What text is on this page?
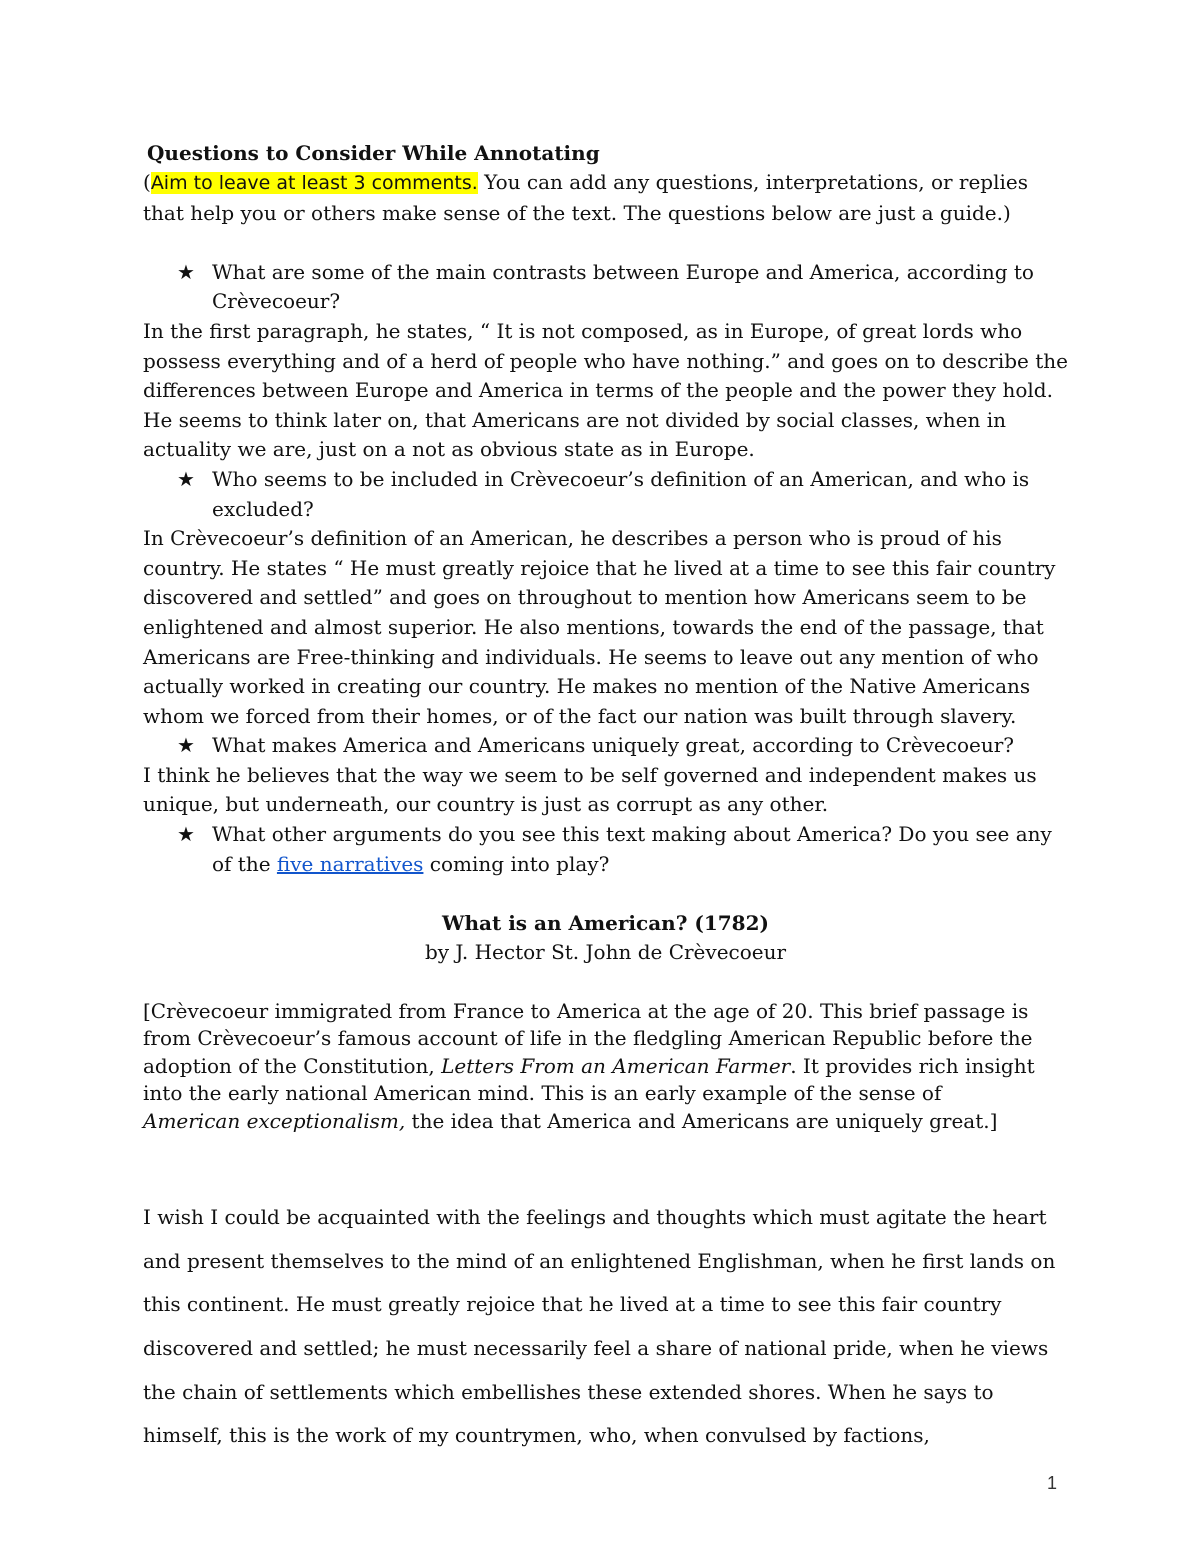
Questions to Consider While Annotating

(Aim to leave at least 3 comments. You can add any questions, interpretations, or replies that help you or others make sense of the text. The questions below are just a guide.)

★ What are some of the main contrasts between Europe and America, according to Crèvecoeur?

In the first paragraph, he states, “ It is not composed, as in Europe, of great lords who possess everything and of a herd of people who have nothing.” and goes on to describe the differences between Europe and America in terms of the people and the power they hold. He seems to think later on, that Americans are not divided by social classes, when in actuality we are, just on a not as obvious state as in Europe.

★ Who seems to be included in Crèvecoeur’s definition of an American, and who is excluded?

In Crèvecoeur’s definition of an American, he describes a person who is proud of his country. He states “ He must greatly rejoice that he lived at a time to see this fair country discovered and settled” and goes on throughout to mention how Americans seem to be enlightened and almost superior. He also mentions, towards the end of the passage, that Americans are Free-thinking and individuals. He seems to leave out any mention of who actually worked in creating our country. He makes no mention of the Native Americans whom we forced from their homes, or of the fact our nation was built through slavery.

★ What makes America and Americans uniquely great, according to Crèvecoeur?

I think he believes that the way we seem to be self governed and independent makes us unique, but underneath, our country is just as corrupt as any other.

★ What other arguments do you see this text making about America? Do you see any of the five narratives coming into play?
What is an American? (1782)
by J. Hector St. John de Crèvecoeur
[Crèvecoeur immigrated from France to America at the age of 20. This brief passage is from Crèvecoeur’s famous account of life in the fledgling American Republic before the adoption of the Constitution, Letters From an American Farmer. It provides rich insight into the early national American mind. This is an early example of the sense of American exceptionalism, the idea that America and Americans are uniquely great.]

I wish I could be acquainted with the feelings and thoughts which must agitate the heart and present themselves to the mind of an enlightened Englishman, when he first lands on this continent. He must greatly rejoice that he lived at a time to see this fair country discovered and settled; he must necessarily feel a share of national pride, when he views the chain of settlements which embellishes these extended shores. When he says to himself, this is the work of my countrymen, who, when convulsed by factions,

1
